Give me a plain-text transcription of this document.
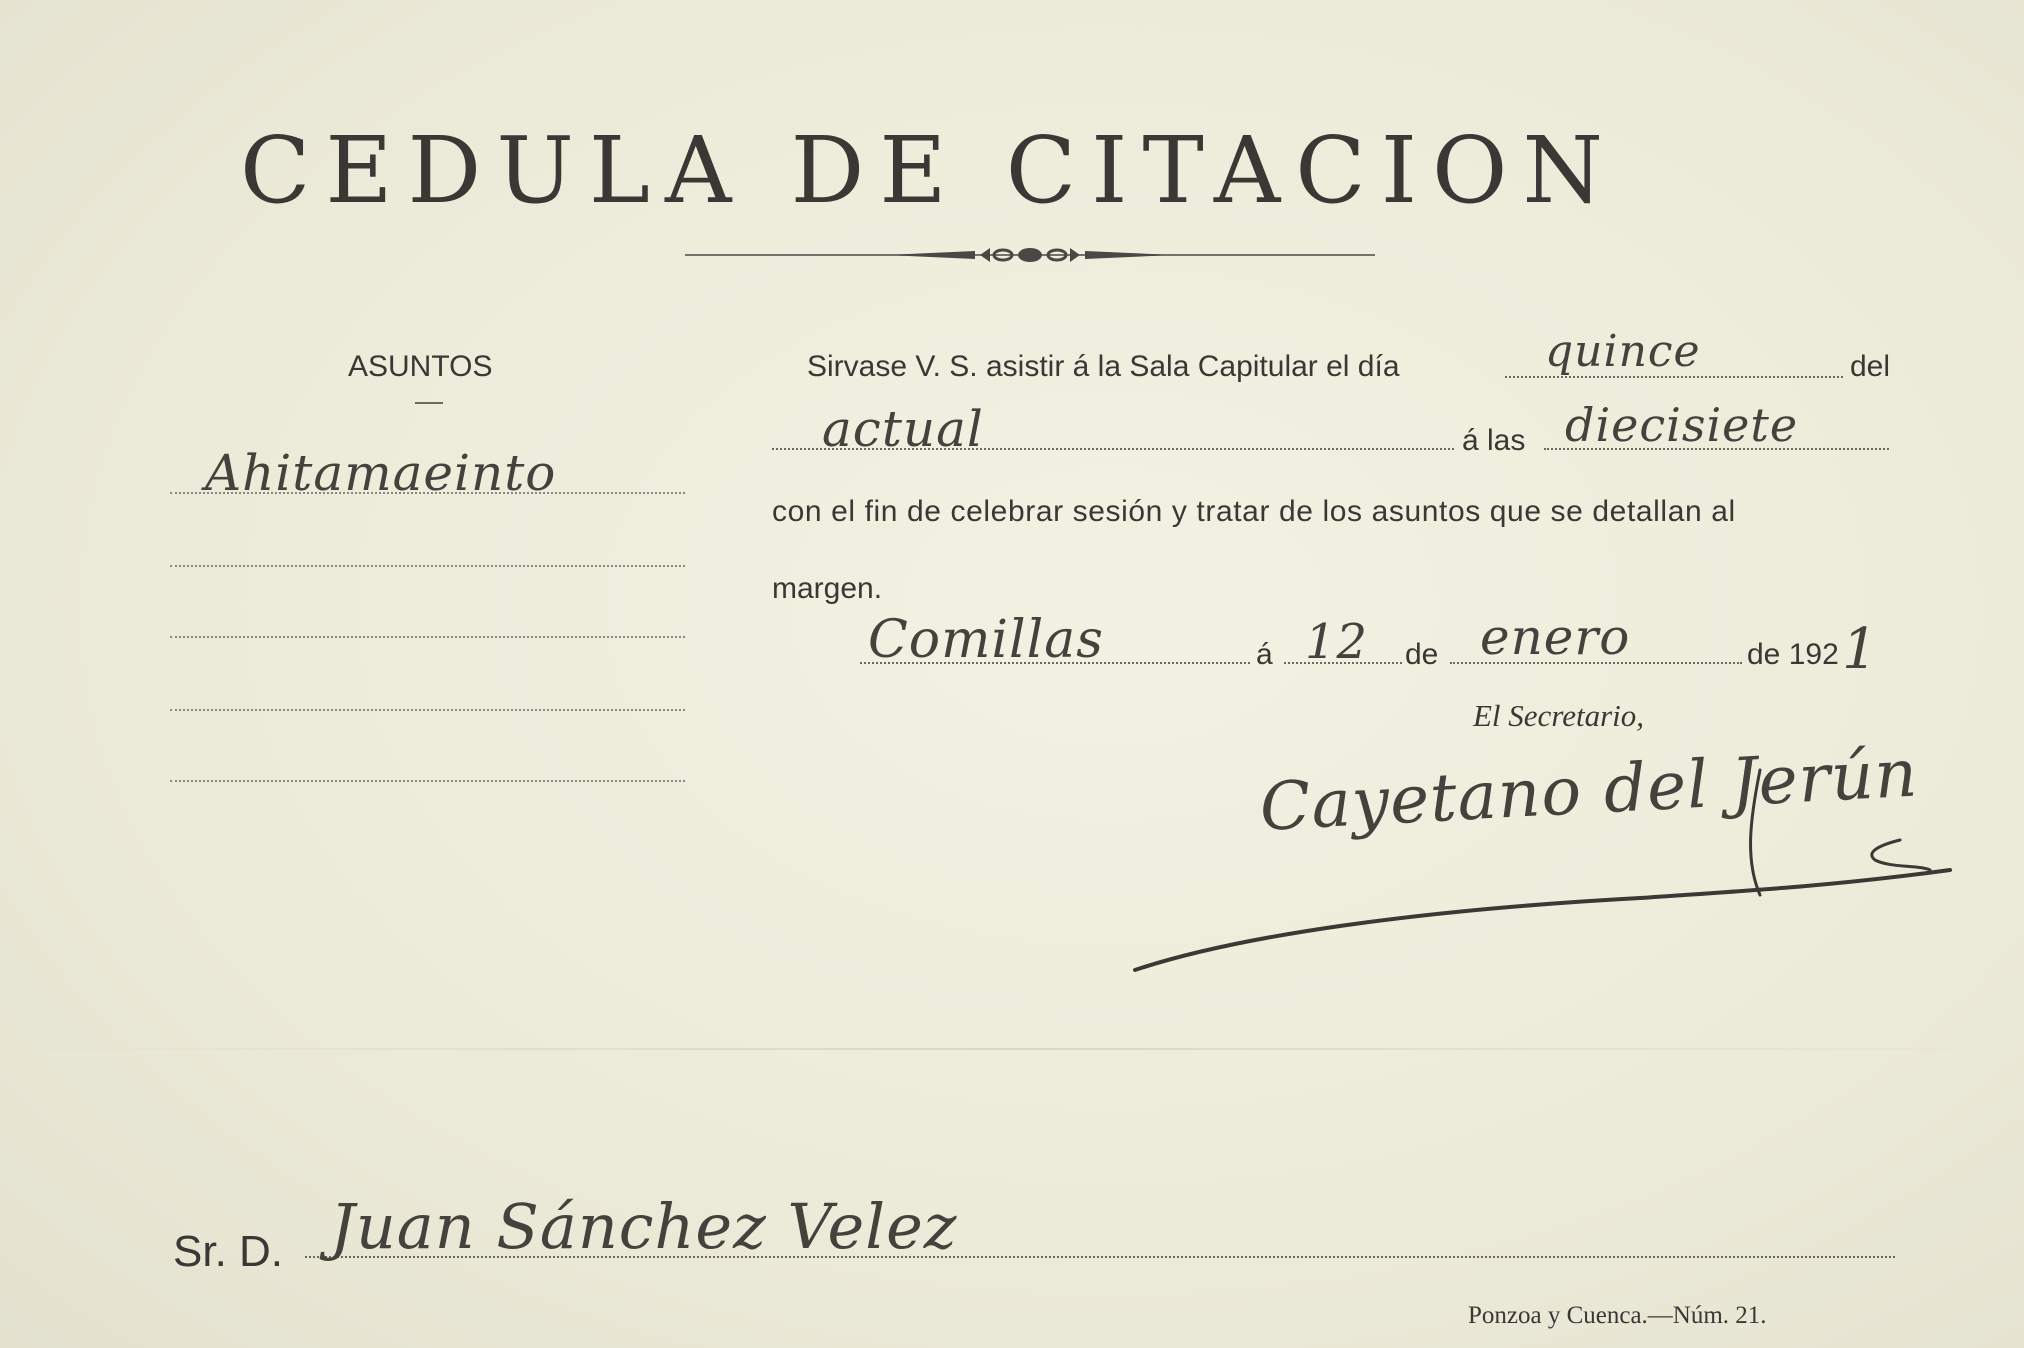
CEDULA DE CITACION
ASUNTOS
Ahitamaeinto
Sirvase V. S. asistir á la Sala Capitular el día	quince	del
actual	á las diecisiete
con el fin de celebrar sesión y tratar de los asuntos que se detallan al
margen.
Comillas	á 12 de enero	de 192 1
El Secretario,
Cayetano del Jerún
Sr. D. Juan Sánchez Velez
Ponzoa y Cuenca.—Núm. 21.
